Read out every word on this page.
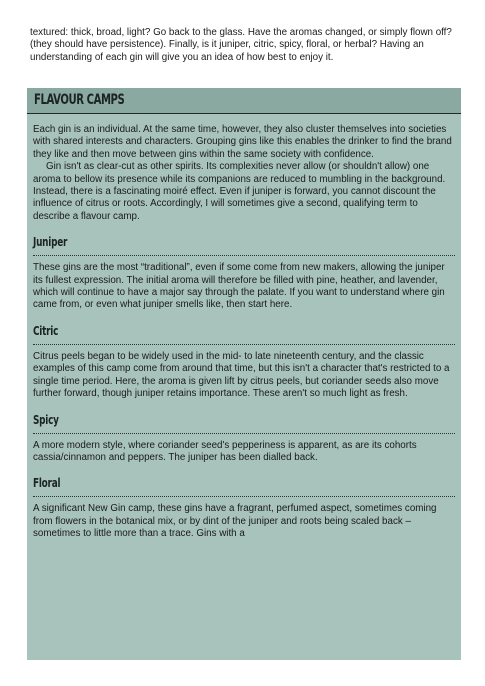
textured: thick, broad, light? Go back to the glass. Have the aromas changed, or simply flown off? (they should have persistence). Finally, is it juniper, citric, spicy, floral, or herbal? Having an understanding of each gin will give you an idea of how best to enjoy it.

FLAVOUR CAMPS

Each gin is an individual. At the same time, however, they also cluster themselves into societies with shared interests and characters. Grouping gins like this enables the drinker to find the brand they like and then move between gins within the same society with confidence.

Gin isn't as clear-cut as other spirits. Its complexities never allow (or shouldn't allow) one aroma to bellow its presence while its companions are reduced to mumbling in the background. Instead, there is a fascinating moiré effect. Even if juniper is forward, you cannot discount the influence of citrus or roots. Accordingly, I will sometimes give a second, qualifying term to describe a flavour camp.

Juniper

These gins are the most “traditional”, even if some come from new makers, allowing the juniper its fullest expression. The initial aroma will therefore be filled with pine, heather, and lavender, which will continue to have a major say through the palate. If you want to understand where gin came from, or even what juniper smells like, then start here.

Citric

Citrus peels began to be widely used in the mid- to late nineteenth century, and the classic examples of this camp come from around that time, but this isn't a character that's restricted to a single time period. Here, the aroma is given lift by citrus peels, but coriander seeds also move further forward, though juniper retains importance. These aren't so much light as fresh.

Spicy

A more modern style, where coriander seed's pepperiness is apparent, as are its cohorts cassia/cinnamon and peppers. The juniper has been dialled back.

Floral

A significant New Gin camp, these gins have a fragrant, perfumed aspect, sometimes coming from flowers in the botanical mix, or by dint of the juniper and roots being scaled back – sometimes to little more than a trace. Gins with a
